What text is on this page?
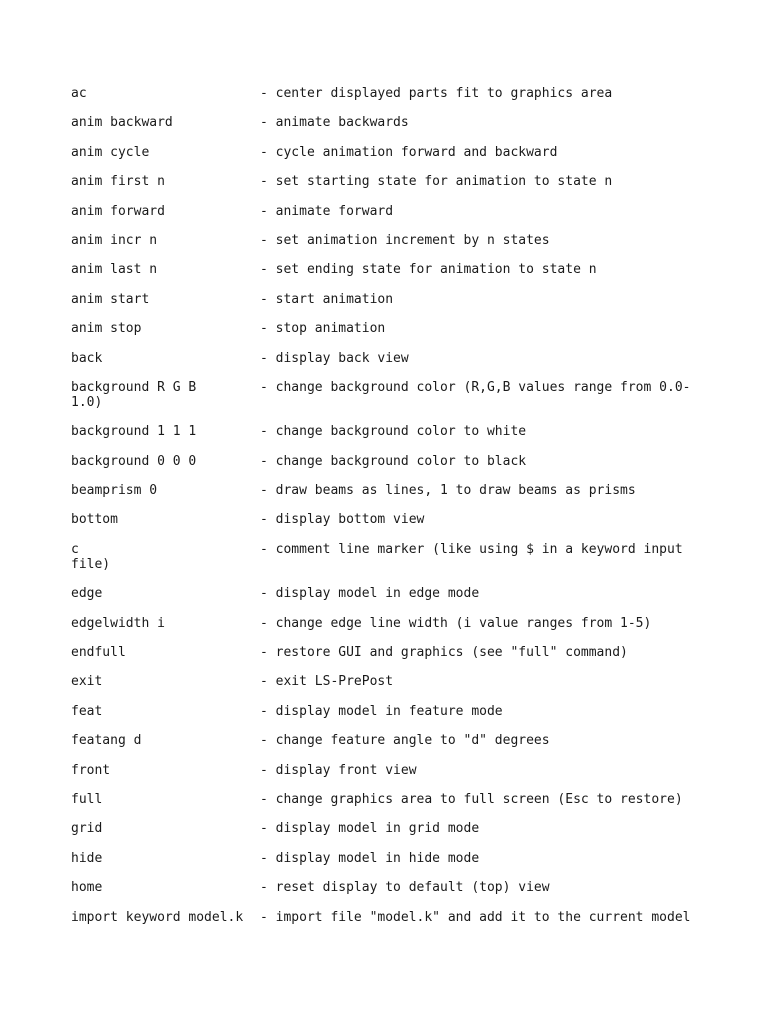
ac	- center displayed parts fit to graphics area
anim backward	- animate backwards
anim cycle	- cycle animation forward and backward
anim first n	- set starting state for animation to state n
anim forward	- animate forward
anim incr n	- set animation increment by n states
anim last n	- set ending state for animation to state n
anim start	- start animation
anim stop	- stop animation
back	- display back view
background R G B	- change background color (R,G,B values range from 0.0-
1.0)
background 1 1 1	- change background color to white
background 0 0 0	- change background color to black
beamprism 0	- draw beams as lines, 1 to draw beams as prisms
bottom	- display bottom view
c	- comment line marker (like using $ in a keyword input
file)
edge	- display model in edge mode
edgelwidth i	- change edge line width (i value ranges from 1-5)
endfull	- restore GUI and graphics (see "full" command)
exit	- exit LS-PrePost
feat	- display model in feature mode
featang d	- change feature angle to "d" degrees
front	- display front view
full	- change graphics area to full screen (Esc to restore)
grid	- display model in grid mode
hide	- display model in hide mode
home	- reset display to default (top) view
import keyword model.k	- import file "model.k" and add it to the current model
